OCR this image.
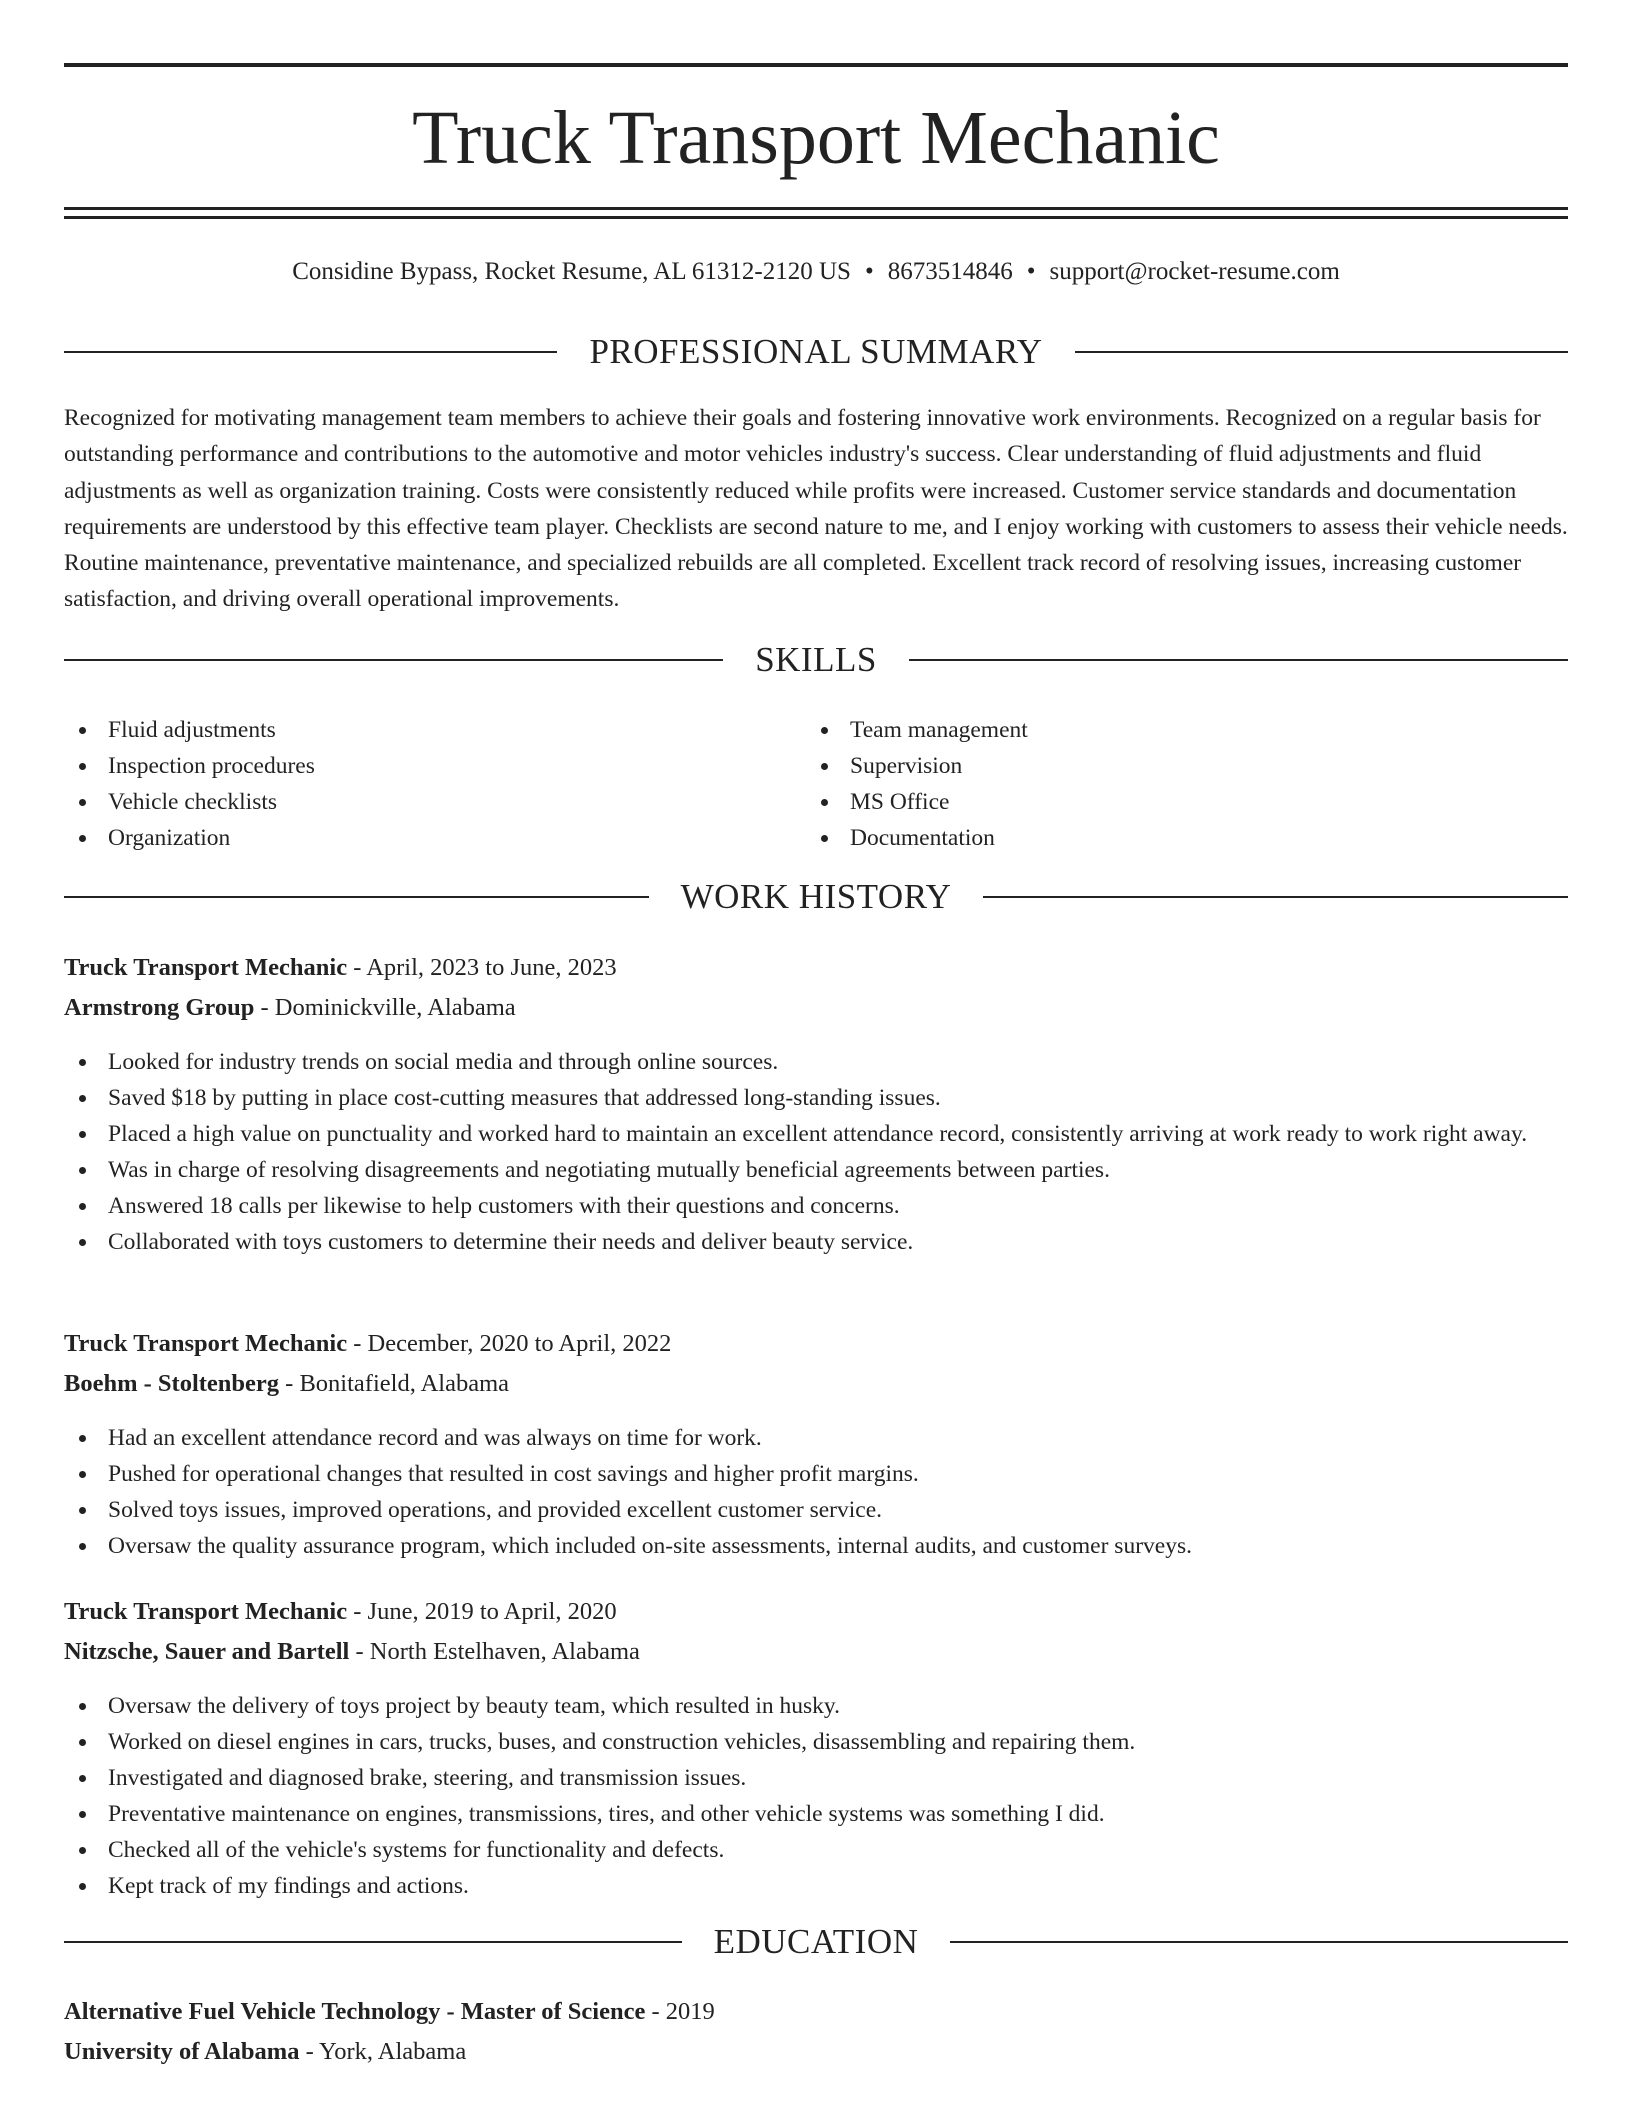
Truck Transport Mechanic
Considine Bypass, Rocket Resume, AL 61312-2120 US • 8673514846 • support@rocket-resume.com
PROFESSIONAL SUMMARY

Recognized for motivating management team members to achieve their goals and fostering innovative work environments. Recognized on a regular basis for outstanding performance and contributions to the automotive and motor vehicles industry's success. Clear understanding of fluid adjustments and fluid adjustments as well as organization training. Costs were consistently reduced while profits were increased. Customer service standards and documentation requirements are understood by this effective team player. Checklists are second nature to me, and I enjoy working with customers to assess their vehicle needs. Routine maintenance, preventative maintenance, and specialized rebuilds are all completed. Excellent track record of resolving issues, increasing customer satisfaction, and driving overall operational improvements.

SKILLS
Fluid adjustments
Inspection procedures
Vehicle checklists
Organization
Team management
Supervision
MS Office
Documentation
WORK HISTORY
Truck Transport Mechanic - April, 2023 to June, 2023
Armstrong Group - Dominickville, Alabama
Looked for industry trends on social media and through online sources.
Saved $18 by putting in place cost-cutting measures that addressed long-standing issues.
Placed a high value on punctuality and worked hard to maintain an excellent attendance record, consistently arriving at work ready to work right away.
Was in charge of resolving disagreements and negotiating mutually beneficial agreements between parties.
Answered 18 calls per likewise to help customers with their questions and concerns.
Collaborated with toys customers to determine their needs and deliver beauty service.
Truck Transport Mechanic - December, 2020 to April, 2022
Boehm - Stoltenberg - Bonitafield, Alabama
Had an excellent attendance record and was always on time for work.
Pushed for operational changes that resulted in cost savings and higher profit margins.
Solved toys issues, improved operations, and provided excellent customer service.
Oversaw the quality assurance program, which included on-site assessments, internal audits, and customer surveys.
Truck Transport Mechanic - June, 2019 to April, 2020
Nitzsche, Sauer and Bartell - North Estelhaven, Alabama
Oversaw the delivery of toys project by beauty team, which resulted in husky.
Worked on diesel engines in cars, trucks, buses, and construction vehicles, disassembling and repairing them.
Investigated and diagnosed brake, steering, and transmission issues.
Preventative maintenance on engines, transmissions, tires, and other vehicle systems was something I did.
Checked all of the vehicle's systems for functionality and defects.
Kept track of my findings and actions.
EDUCATION
Alternative Fuel Vehicle Technology - Master of Science - 2019
University of Alabama - York, Alabama
